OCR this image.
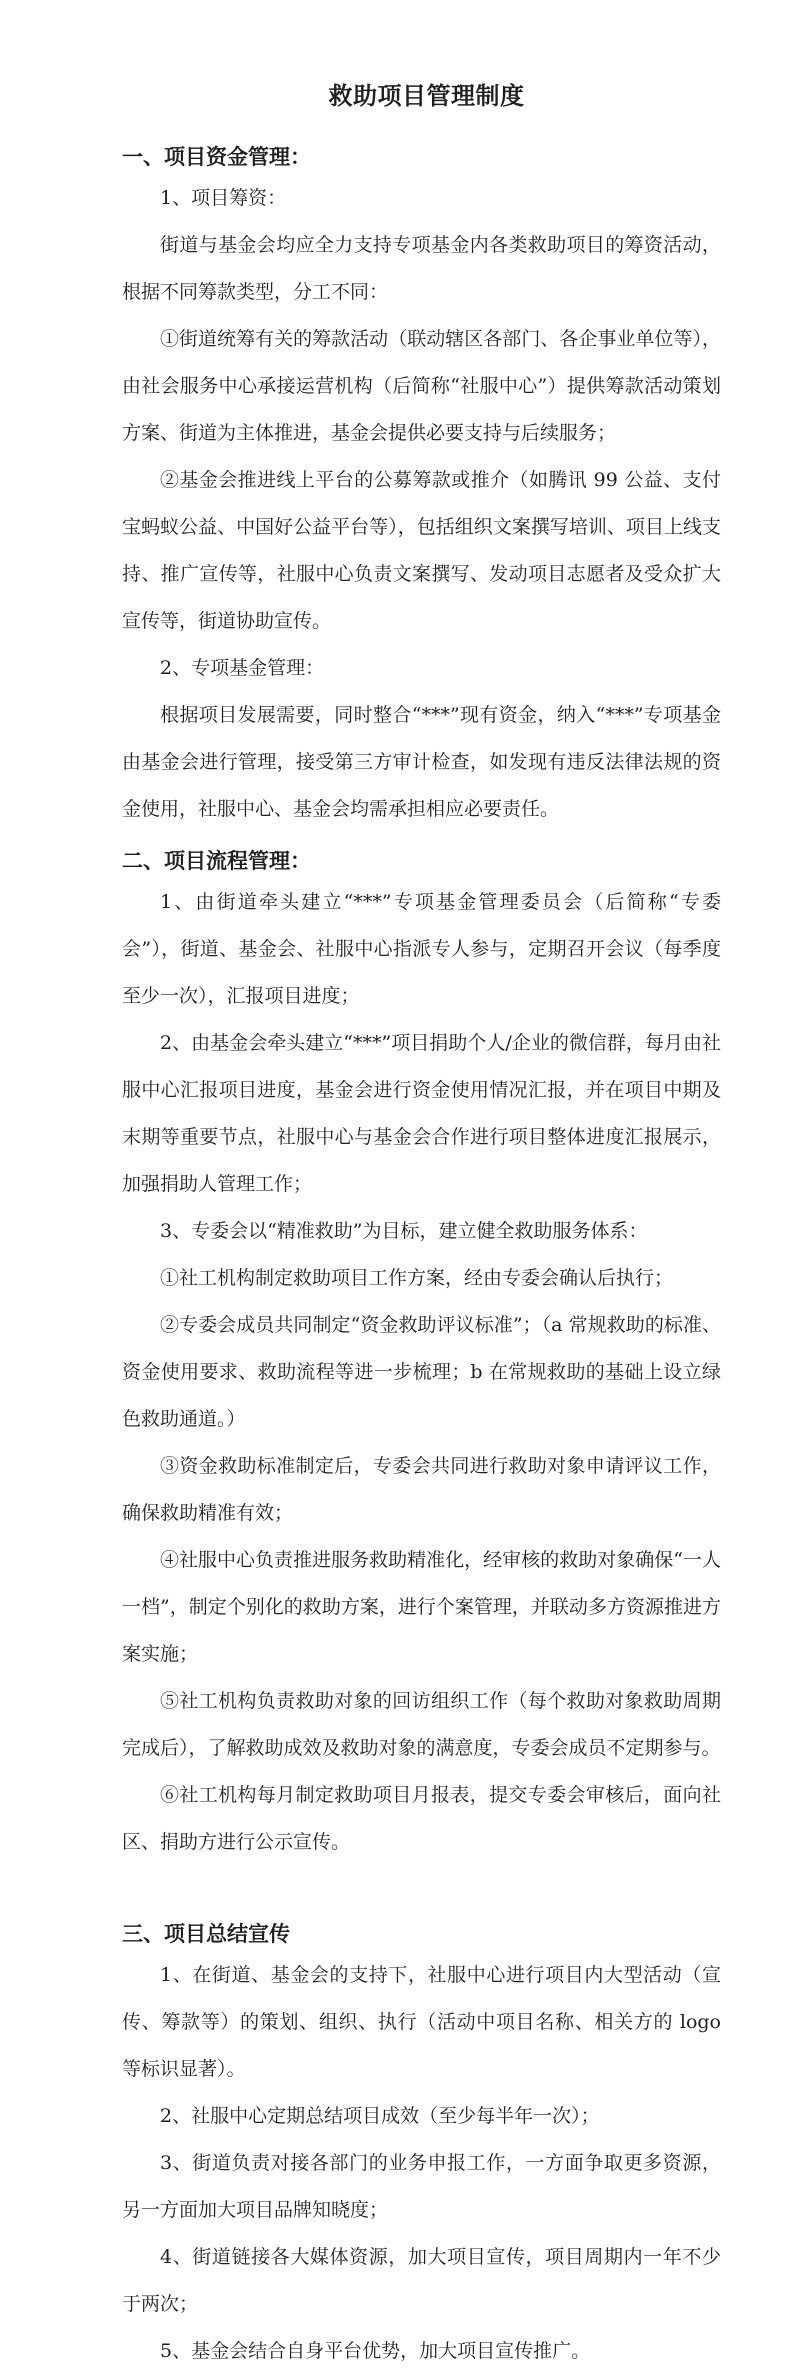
救助项目管理制度
一、项目资金管理：

1、项目筹资：

街道与基金会均应全力支持专项基金内各类救助项目的筹资活动，根据不同筹款类型，分工不同：

①街道统筹有关的筹款活动（联动辖区各部门、各企事业单位等），由社会服务中心承接运营机构（后简称“社服中心”）提供筹款活动策划方案、街道为主体推进，基金会提供必要支持与后续服务；

②基金会推进线上平台的公募筹款或推介（如腾讯 99 公益、支付宝蚂蚁公益、中国好公益平台等），包括组织文案撰写培训、项目上线支持、推广宣传等，社服中心负责文案撰写、发动项目志愿者及受众扩大宣传等，街道协助宣传。

2、专项基金管理：

根据项目发展需要，同时整合“***”现有资金，纳入“***”专项基金由基金会进行管理，接受第三方审计检查，如发现有违反法律法规的资金使用，社服中心、基金会均需承担相应必要责任。

二、项目流程管理：

1、由街道牵头建立“***”专项基金管理委员会（后简称“专委会”），街道、基金会、社服中心指派专人参与，定期召开会议（每季度至少一次），汇报项目进度；

2、由基金会牵头建立“***”项目捐助个人/企业的微信群，每月由社服中心汇报项目进度，基金会进行资金使用情况汇报，并在项目中期及末期等重要节点，社服中心与基金会合作进行项目整体进度汇报展示，加强捐助人管理工作；

3、专委会以“精准救助”为目标，建立健全救助服务体系：

①社工机构制定救助项目工作方案，经由专委会确认后执行；

②专委会成员共同制定“资金救助评议标准”；（a 常规救助的标准、资金使用要求、救助流程等进一步梳理；b 在常规救助的基础上设立绿色救助通道。）

③资金救助标准制定后，专委会共同进行救助对象申请评议工作，确保救助精准有效；

④社服中心负责推进服务救助精准化，经审核的救助对象确保“一人一档”，制定个别化的救助方案，进行个案管理，并联动多方资源推进方案实施；

⑤社工机构负责救助对象的回访组织工作（每个救助对象救助周期完成后），了解救助成效及救助对象的满意度，专委会成员不定期参与。

⑥社工机构每月制定救助项目月报表，提交专委会审核后，面向社区、捐助方进行公示宣传。

三、项目总结宣传

1、在街道、基金会的支持下，社服中心进行项目内大型活动（宣传、筹款等）的策划、组织、执行（活动中项目名称、相关方的 logo 等标识显著）。

2、社服中心定期总结项目成效（至少每半年一次）；

3、街道负责对接各部门的业务申报工作，一方面争取更多资源，另一方面加大项目品牌知晓度；

4、街道链接各大媒体资源，加大项目宣传，项目周期内一年不少于两次；

5、基金会结合自身平台优势，加大项目宣传推广。
